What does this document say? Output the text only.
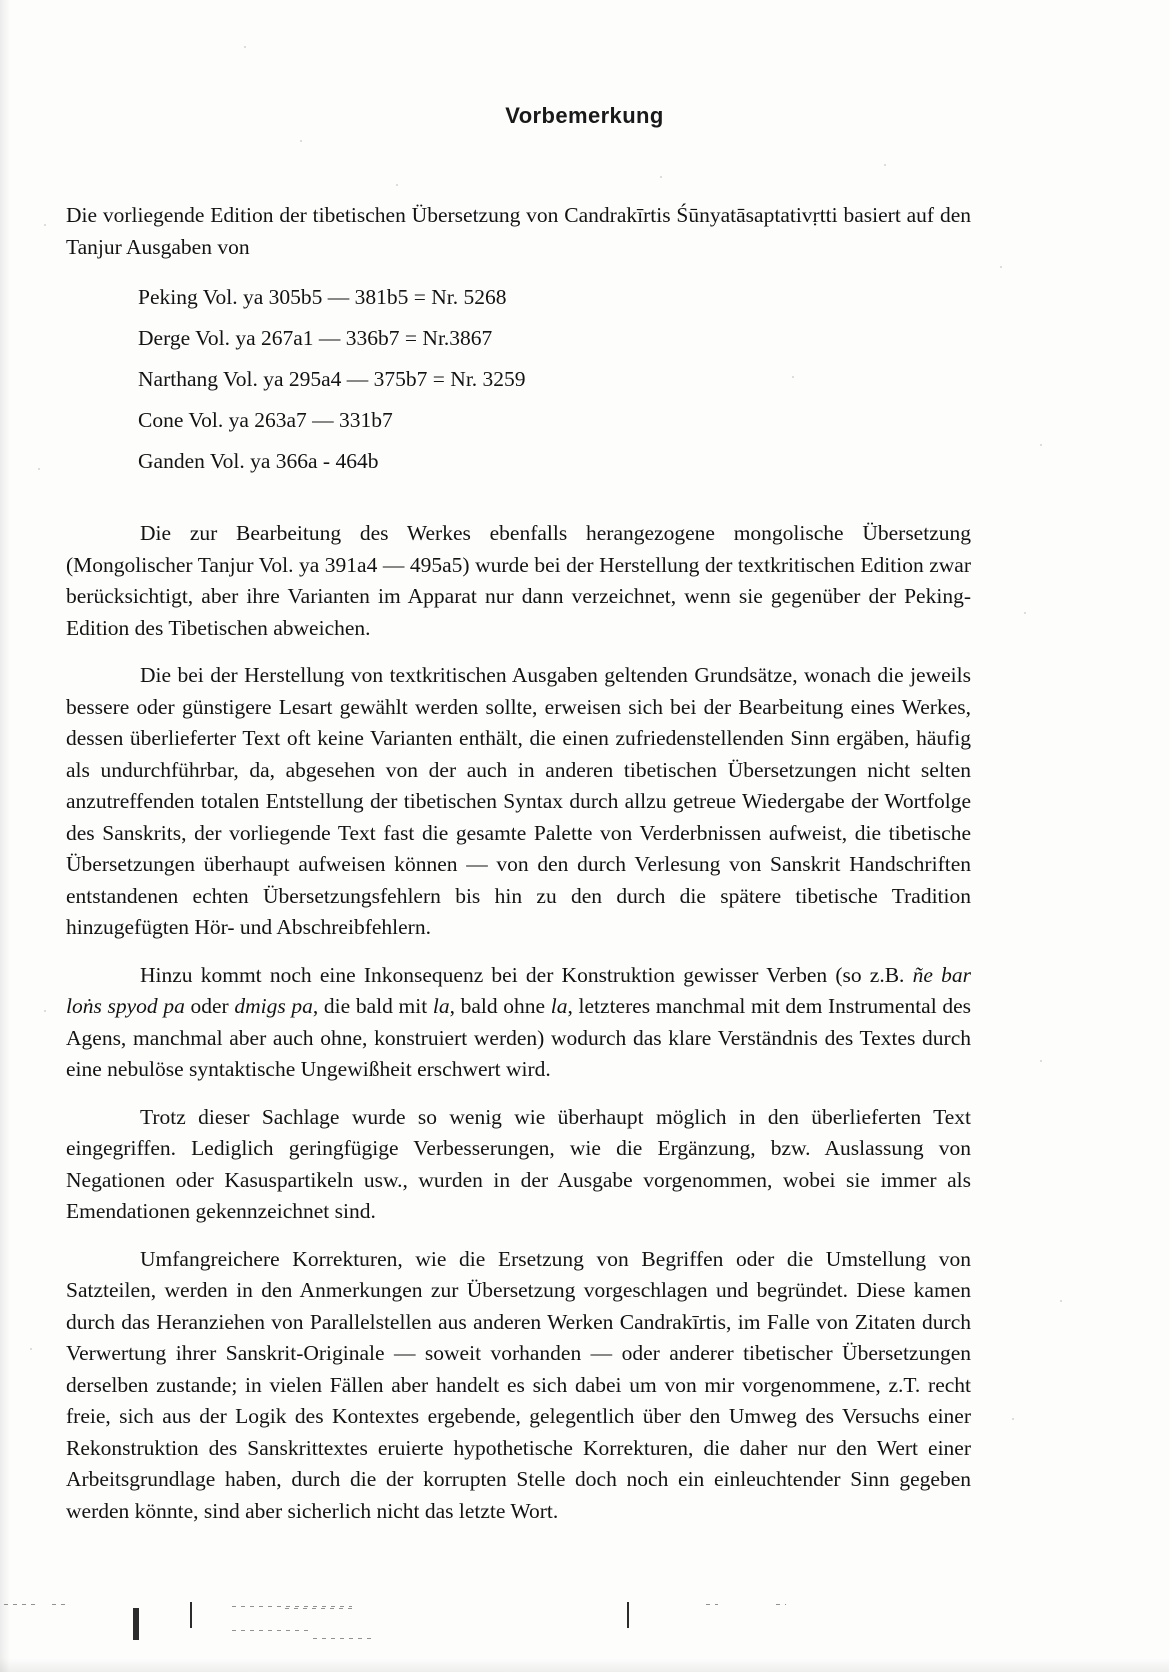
Vorbemerkung

Die vorliegende Edition der tibetischen Übersetzung von Candrakīrtis Śūnyatāsaptativṛtti basiert auf den Tanjur Ausgaben von

Peking Vol. ya 305b5 — 381b5 = Nr. 5268
Derge Vol. ya 267a1 — 336b7 = Nr.3867
Narthang Vol. ya 295a4 — 375b7 = Nr. 3259
Cone Vol. ya 263a7 — 331b7
Ganden Vol. ya 366a - 464b

Die zur Bearbeitung des Werkes ebenfalls herangezogene mongolische Übersetzung (Mongolischer Tanjur Vol. ya 391a4 — 495a5) wurde bei der Herstellung der textkritischen Edition zwar berücksichtigt, aber ihre Varianten im Apparat nur dann verzeichnet, wenn sie gegenüber der Peking-Edition des Tibetischen abweichen.

Die bei der Herstellung von textkritischen Ausgaben geltenden Grundsätze, wonach die jeweils bessere oder günstigere Lesart gewählt werden sollte, erweisen sich bei der Bearbeitung eines Werkes, dessen überlieferter Text oft keine Varianten enthält, die einen zufriedenstellenden Sinn ergäben, häufig als undurchführbar, da, abgesehen von der auch in anderen tibetischen Übersetzungen nicht selten anzutreffenden totalen Entstellung der tibetischen Syntax durch allzu getreue Wiedergabe der Wortfolge des Sanskrits, der vorliegende Text fast die gesamte Palette von Verderbnissen aufweist, die tibetische Übersetzungen überhaupt aufweisen können — von den durch Verlesung von Sanskrit Handschriften entstandenen echten Übersetzungsfehlern bis hin zu den durch die spätere tibetische Tradition hinzugefügten Hör- und Abschreibfehlern.

Hinzu kommt noch eine Inkonsequenz bei der Konstruktion gewisser Verben (so z.B. ñe bar loṅs spyod pa oder dmigs pa, die bald mit la, bald ohne la, letzteres manchmal mit dem Instrumental des Agens, manchmal aber auch ohne, konstruiert werden) wodurch das klare Verständnis des Textes durch eine nebulöse syntaktische Ungewißheit erschwert wird.

Trotz dieser Sachlage wurde so wenig wie überhaupt möglich in den überlieferten Text eingegriffen. Lediglich geringfügige Verbesserungen, wie die Ergänzung, bzw. Auslassung von Negationen oder Kasuspartikeln usw., wurden in der Ausgabe vorgenommen, wobei sie immer als Emendationen gekennzeichnet sind.

Umfangreichere Korrekturen, wie die Ersetzung von Begriffen oder die Umstellung von Satzteilen, werden in den Anmerkungen zur Übersetzung vorgeschlagen und begründet. Diese kamen durch das Heranziehen von Parallelstellen aus anderen Werken Candrakīrtis, im Falle von Zitaten durch Verwertung ihrer Sanskrit-Originale — soweit vorhanden — oder anderer tibetischer Übersetzungen derselben zustande; in vielen Fällen aber handelt es sich dabei um von mir vorgenommene, z.T. recht freie, sich aus der Logik des Kontextes ergebende, gelegentlich über den Umweg des Versuchs einer Rekonstruktion des Sanskrittextes eruierte hypothetische Korrekturen, die daher nur den Wert einer Arbeitsgrundlage haben, durch die der korrupten Stelle doch noch ein einleuchtender Sinn gegeben werden könnte, sind aber sicherlich nicht das letzte Wort.
